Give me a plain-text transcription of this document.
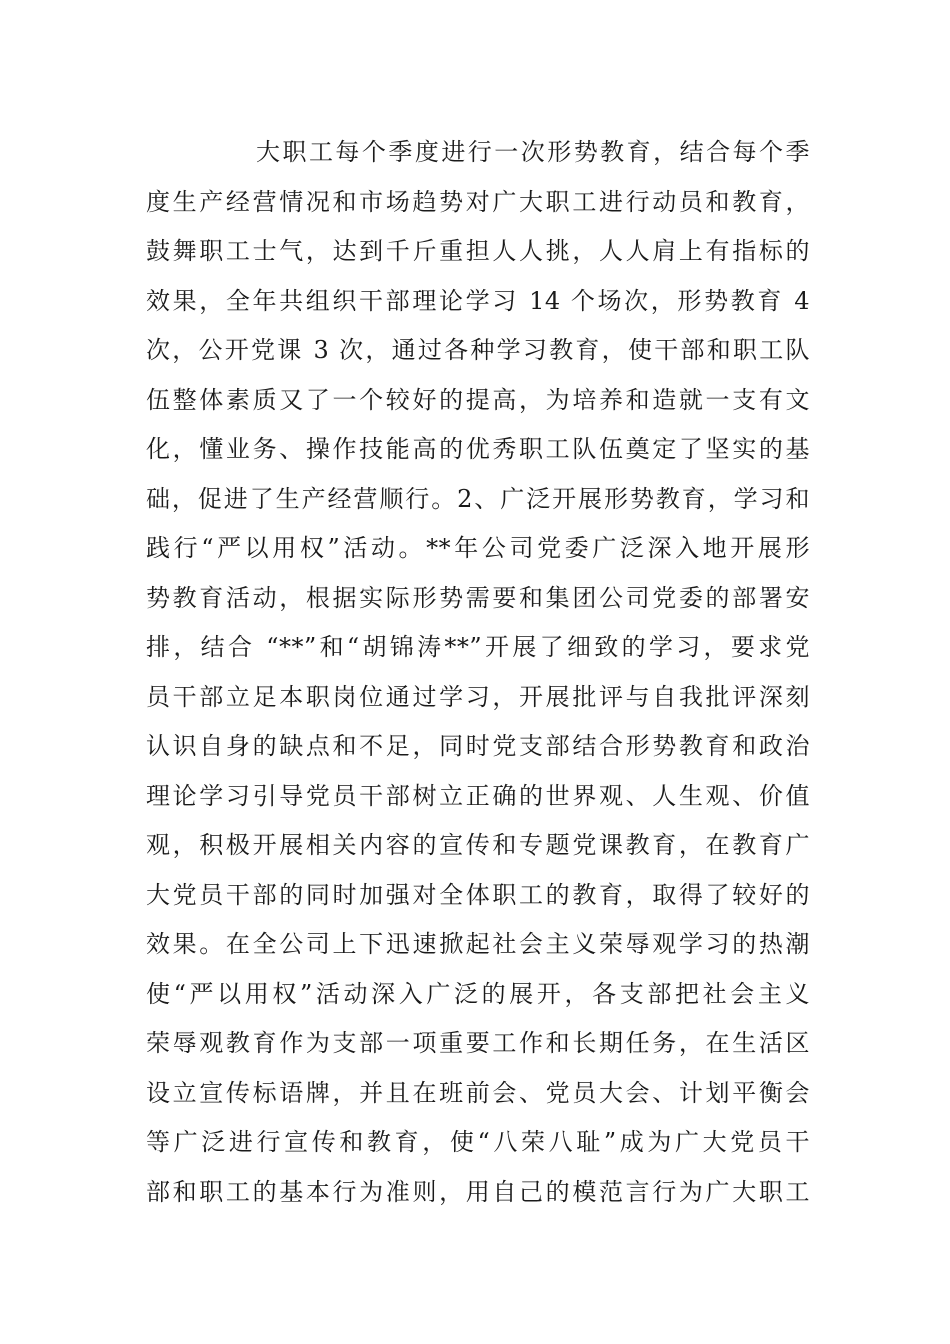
大职工每个季度进行一次形势教育，结合每个季
度生产经营情况和市场趋势对广大职工进行动员和教育，
鼓舞职工士气，达到千斤重担人人挑，人人肩上有指标的
效果，全年共组织干部理论学习 14 个场次，形势教育 4
次，公开党课 3 次，通过各种学习教育，使干部和职工队
伍整体素质又了一个较好的提高，为培养和造就一支有文
化，懂业务、操作技能高的优秀职工队伍奠定了坚实的基
础，促进了生产经营顺行。2、广泛开展形势教育，学习和
践行“严以用权”活动。**年公司党委广泛深入地开展形
势教育活动，根据实际形势需要和集团公司党委的部署安
排，结合 “**”和“胡锦涛**”开展了细致的学习，要求党
员干部立足本职岗位通过学习，开展批评与自我批评深刻
认识自身的缺点和不足，同时党支部结合形势教育和政治
理论学习引导党员干部树立正确的世界观、人生观、价值
观，积极开展相关内容的宣传和专题党课教育，在教育广
大党员干部的同时加强对全体职工的教育，取得了较好的
效果。在全公司上下迅速掀起社会主义荣辱观学习的热潮
使“严以用权”活动深入广泛的展开，各支部把社会主义
荣辱观教育作为支部一项重要工作和长期任务，在生活区
设立宣传标语牌，并且在班前会、党员大会、计划平衡会
等广泛进行宣传和教育，使“八荣八耻”成为广大党员干
部和职工的基本行为准则，用自己的模范言行为广大职工
